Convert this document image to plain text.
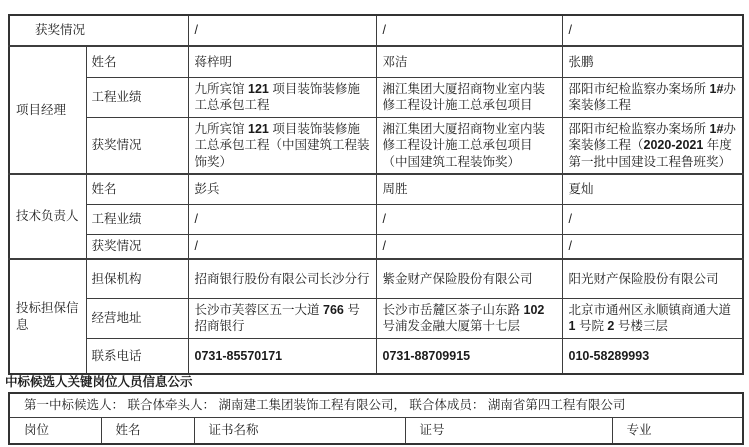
获奖情况		/	/	/
项目经理	姓名	蒋梓明	邓洁	张鹏
	工程业绩	九所宾馆 121 项目装饰装修施工总承包工程	湘江集团大厦招商物业室内装修工程设计施工总承包项目	邵阳市纪检监察办案场所 1#办案装修工程
	获奖情况	九所宾馆 121 项目装饰装修施工总承包工程（中国建筑工程装饰奖）	湘江集团大厦招商物业室内装修工程设计施工总承包项目（中国建筑工程装饰奖）	邵阳市纪检监察办案场所 1#办案装修工程（2020-2021 年度第一批中国建设工程鲁班奖）
技术负责人	姓名	彭兵	周胜	夏灿
	工程业绩	/	/	/
	获奖情况	/	/	/
投标担保信息	担保机构	招商银行股份有限公司长沙分行	紫金财产保险股份有限公司	阳光财产保险股份有限公司
	经营地址	长沙市芙蓉区五一大道 766 号招商银行	长沙市岳麓区茶子山东路 102 号浦发金融大厦第十七层	北京市通州区永顺镇商通大道 1 号院 2 号楼三层
	联系电话	0731-85570171	0731-88709915	010-58289993
中标候选人关键岗位人员信息公示
第一中标候选人： 联合体牵头人： 湖南建工集团装饰工程有限公司， 联合体成员： 湖南省第四工程有限公司
岗位	姓名	证书名称	证号	专业
